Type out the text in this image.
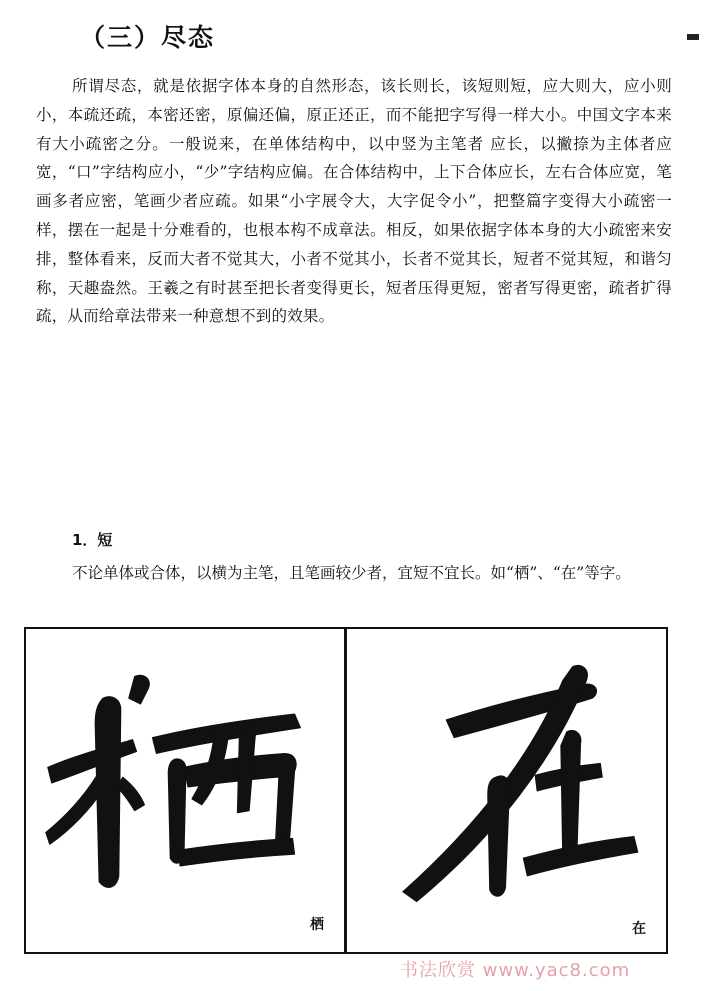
（三）尽态

所谓尽态，就是依据字体本身的自然形态，该长则长，该短则短，应大则大，应小则小，本疏还疏，本密还密，原偏还偏，原正还正，而不能把字写得一样大小。中国文字本来有大小疏密之分。一般说来，在单体结构中，以中竖为主笔者 应长，以撇捺为主体者应宽，“口”字结构应小，“少”字结构应偏。在合体结构中，上下合体应长，左右合体应宽，笔画多者应密，笔画少者应疏。如果“小字展令大，大字促令小”，把整篇字变得大小疏密一样，摆在一起是十分难看的，也根本构不成章法。相反，如果依据字体本身的大小疏密来安排，整体看来，反而大者不觉其大，小者不觉其小，长者不觉其长，短者不觉其短，和谐匀称，天趣盎然。王羲之有时甚至把长者变得更长，短者压得更短，密者写得更密，疏者扩得疏，从而给章法带来一种意想不到的效果。

1．短

不论单体或合体，以横为主笔，且笔画较少者，宜短不宜长。如“栖”、“在”等字。

栖	在
书法欣赏 www.yac8.com
